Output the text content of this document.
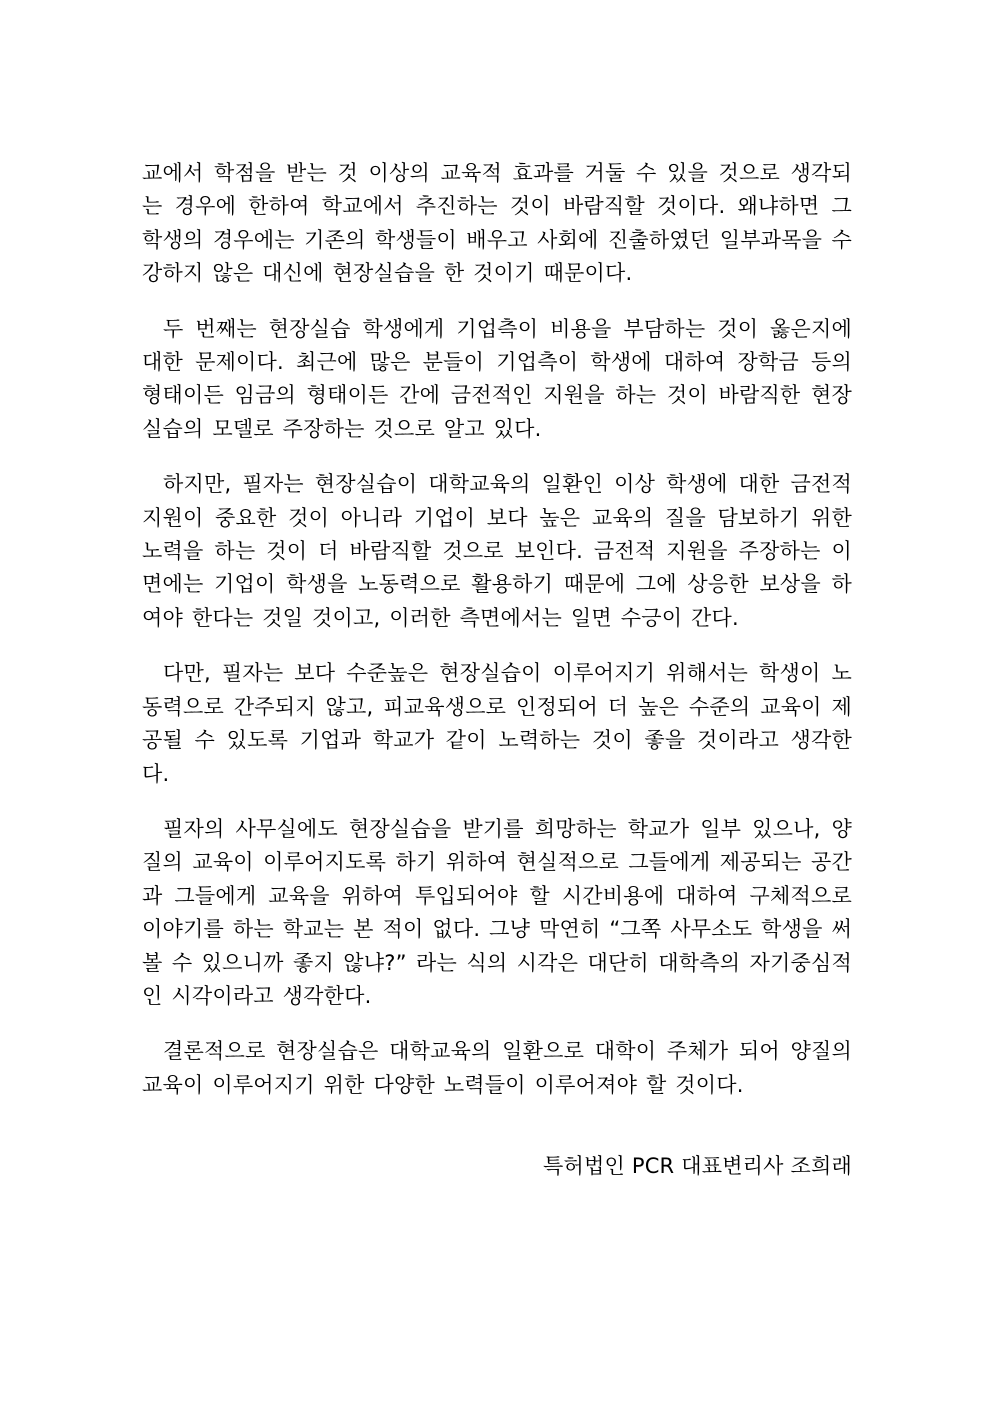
교에서 학점을 받는 것 이상의 교육적 효과를 거둘 수 있을 것으로 생각되는 경우에 한하여 학교에서 추진하는 것이 바람직할 것이다. 왜냐하면 그 학생의 경우에는 기존의 학생들이 배우고 사회에 진출하였던 일부과목을 수강하지 않은 대신에 현장실습을 한 것이기 때문이다.

두 번째는 현장실습 학생에게 기업측이 비용을 부담하는 것이 옳은지에 대한 문제이다. 최근에 많은 분들이 기업측이 학생에 대하여 장학금 등의 형태이든 임금의 형태이든 간에 금전적인 지원을 하는 것이 바람직한 현장실습의 모델로 주장하는 것으로 알고 있다.

하지만, 필자는 현장실습이 대학교육의 일환인 이상 학생에 대한 금전적 지원이 중요한 것이 아니라 기업이 보다 높은 교육의 질을 담보하기 위한 노력을 하는 것이 더 바람직할 것으로 보인다. 금전적 지원을 주장하는 이면에는 기업이 학생을 노동력으로 활용하기 때문에 그에 상응한 보상을 하여야 한다는 것일 것이고, 이러한 측면에서는 일면 수긍이 간다.

다만, 필자는 보다 수준높은 현장실습이 이루어지기 위해서는 학생이 노동력으로 간주되지 않고, 피교육생으로 인정되어 더 높은 수준의 교육이 제공될 수 있도록 기업과 학교가 같이 노력하는 것이 좋을 것이라고 생각한다.

필자의 사무실에도 현장실습을 받기를 희망하는 학교가 일부 있으나, 양질의 교육이 이루어지도록 하기 위하여 현실적으로 그들에게 제공되는 공간과 그들에게 교육을 위하여 투입되어야 할 시간비용에 대하여 구체적으로 이야기를 하는 학교는 본 적이 없다. 그냥 막연히 “그쪽 사무소도 학생을 써 볼 수 있으니까 좋지 않냐?” 라는 식의 시각은 대단히 대학측의 자기중심적인 시각이라고 생각한다.

결론적으로 현장실습은 대학교육의 일환으로 대학이 주체가 되어 양질의 교육이 이루어지기 위한 다양한 노력들이 이루어져야 할 것이다.

특허법인 PCR 대표변리사 조희래
